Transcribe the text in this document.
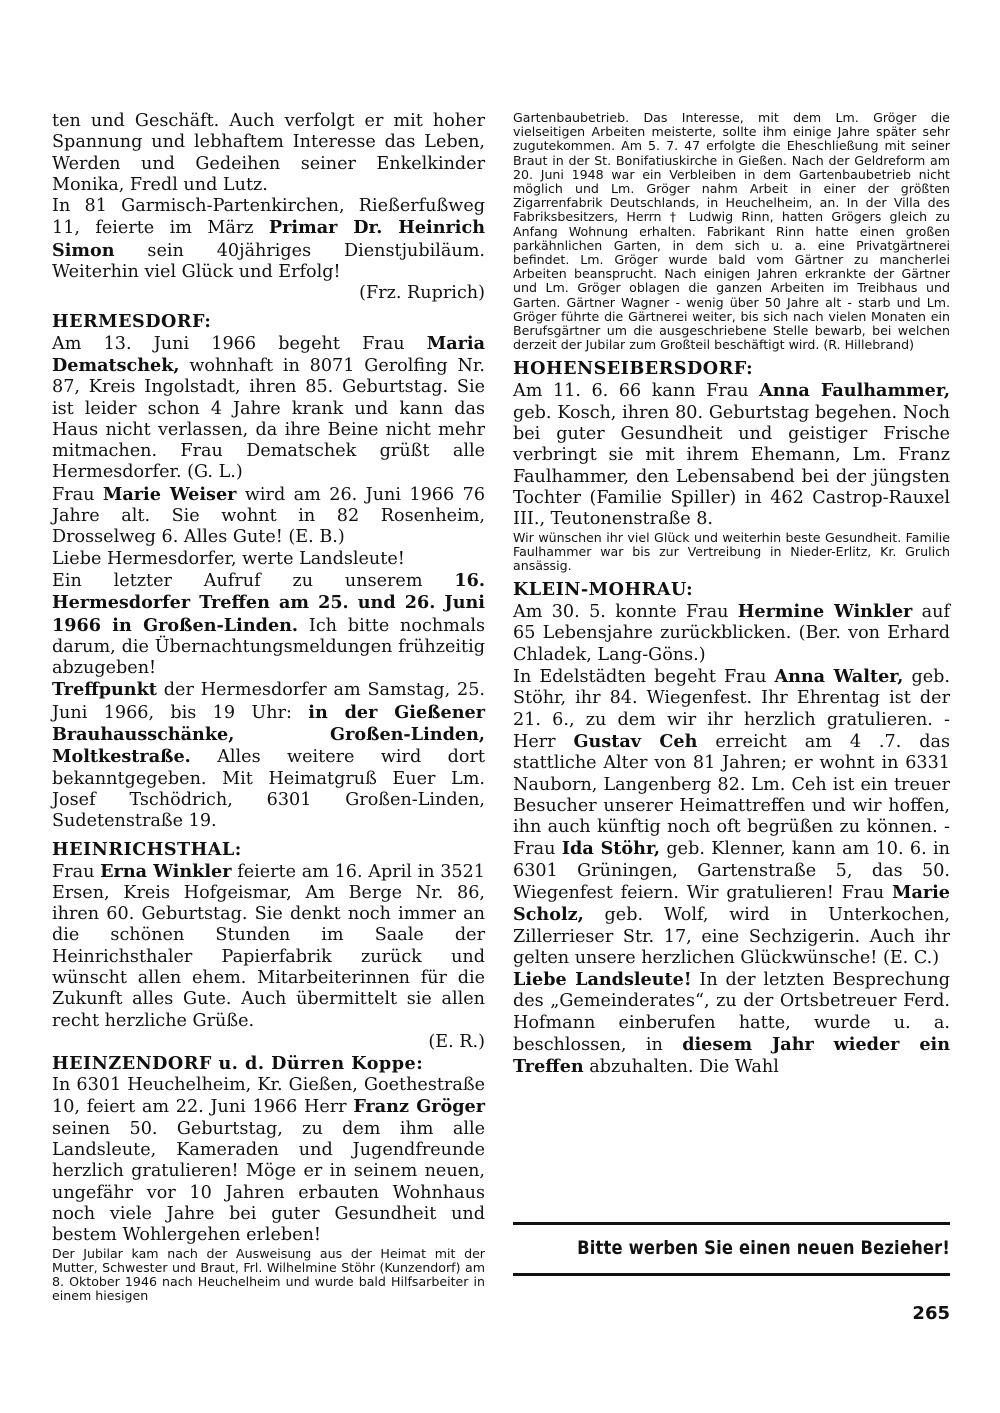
ten und Geschäft. Auch verfolgt er mit hoher Spannung und lebhaftem Interesse das Leben, Werden und Gedeihen seiner Enkelkinder Monika, Fredl und Lutz.

In 81 Garmisch-Partenkirchen, Rießerfußweg 11, feierte im März Primar Dr. Heinrich Simon sein 40jähriges Dienstjubiläum. Weiterhin viel Glück und Erfolg!

(Frz. Ruprich)

HERMESDORF:

Am 13. Juni 1966 begeht Frau Maria Dematschek, wohnhaft in 8071 Gerolfing Nr. 87, Kreis Ingolstadt, ihren 85. Geburtstag. Sie ist leider schon 4 Jahre krank und kann das Haus nicht verlassen, da ihre Beine nicht mehr mitmachen. Frau Dematschek grüßt alle Hermesdorfer. (G. L.)

Frau Marie Weiser wird am 26. Juni 1966 76 Jahre alt. Sie wohnt in 82 Rosenheim, Drosselweg 6. Alles Gute! (E. B.)

Liebe Hermesdorfer, werte Landsleute!

Ein letzter Aufruf zu unserem 16. Hermesdorfer Treffen am 25. und 26. Juni 1966 in Großen-Linden. Ich bitte nochmals darum, die Übernachtungsmeldungen frühzeitig abzugeben!

Treffpunkt der Hermesdorfer am Samstag, 25. Juni 1966, bis 19 Uhr: in der Gießener Brauhausschänke, Großen-Linden, Moltkestraße. Alles weitere wird dort bekanntgegeben. Mit Heimatgruß Euer Lm. Josef Tschödrich, 6301 Großen-Linden, Sudetenstraße 19.

HEINRICHSTHAL:

Frau Erna Winkler feierte am 16. April in 3521 Ersen, Kreis Hofgeismar, Am Berge Nr. 86, ihren 60. Geburtstag. Sie denkt noch immer an die schönen Stunden im Saale der Heinrichsthaler Papierfabrik zurück und wünscht allen ehem. Mitarbeiterinnen für die Zukunft alles Gute. Auch übermittelt sie allen recht herzliche Grüße.

(E. R.)

HEINZENDORF u. d. Dürren Koppe:

In 6301 Heuchelheim, Kr. Gießen, Goethestraße 10, feiert am 22. Juni 1966 Herr Franz Gröger seinen 50. Geburtstag, zu dem ihm alle Landsleute, Kameraden und Jugendfreunde herzlich gratulieren! Möge er in seinem neuen, ungefähr vor 10 Jahren erbauten Wohnhaus noch viele Jahre bei guter Gesundheit und bestem Wohlergehen erleben!

Der Jubilar kam nach der Ausweisung aus der Heimat mit der Mutter, Schwester und Braut, Frl. Wilhelmine Stöhr (Kunzendorf) am 8. Oktober 1946 nach Heuchelheim und wurde bald Hilfsarbeiter in einem hiesigen

Gartenbaubetrieb. Das Interesse, mit dem Lm. Gröger die vielseitigen Arbeiten meisterte, sollte ihm einige Jahre später sehr zugutekommen. Am 5. 7. 47 erfolgte die Eheschließung mit seiner Braut in der St. Bonifatiuskirche in Gießen. Nach der Geldreform am 20. Juni 1948 war ein Verbleiben in dem Gartenbaubetrieb nicht möglich und Lm. Gröger nahm Arbeit in einer der größten Zigarrenfabrik Deutschlands, in Heuchelheim, an. In der Villa des Fabriksbesitzers, Herrn † Ludwig Rinn, hatten Grögers gleich zu Anfang Wohnung erhalten. Fabrikant Rinn hatte einen großen parkähnlichen Garten, in dem sich u. a. eine Privatgärtnerei befindet. Lm. Gröger wurde bald vom Gärtner zu mancherlei Arbeiten beansprucht. Nach einigen Jahren erkrankte der Gärtner und Lm. Gröger oblagen die ganzen Arbeiten im Treibhaus und Garten. Gärtner Wagner - wenig über 50 Jahre alt - starb und Lm. Gröger führte die Gärtnerei weiter, bis sich nach vielen Monaten ein Berufsgärtner um die ausgeschriebene Stelle bewarb, bei welchen derzeit der Jubilar zum Großteil beschäftigt wird. (R. Hillebrand)

HOHENSEIBERSDORF:

Am 11. 6. 66 kann Frau Anna Faulhammer, geb. Kosch, ihren 80. Geburtstag begehen. Noch bei guter Gesundheit und geistiger Frische verbringt sie mit ihrem Ehemann, Lm. Franz Faulhammer, den Lebensabend bei der jüngsten Tochter (Familie Spiller) in 462 Castrop-Rauxel III., Teutonenstraße 8.

Wir wünschen ihr viel Glück und weiterhin beste Gesundheit. Familie Faulhammer war bis zur Vertreibung in Nieder-Erlitz, Kr. Grulich ansässig.

KLEIN-MOHRAU:

Am 30. 5. konnte Frau Hermine Winkler auf 65 Lebensjahre zurückblicken. (Ber. von Erhard Chladek, Lang-Göns.)

In Edelstädten begeht Frau Anna Walter, geb. Stöhr, ihr 84. Wiegenfest. Ihr Ehrentag ist der 21. 6., zu dem wir ihr herzlich gratulieren. - Herr Gustav Ceh erreicht am 4 .7. das stattliche Alter von 81 Jahren; er wohnt in 6331 Nauborn, Langenberg 82. Lm. Ceh ist ein treuer Besucher unserer Heimattreffen und wir hoffen, ihn auch künftig noch oft begrüßen zu können. - Frau Ida Stöhr, geb. Klenner, kann am 10. 6. in 6301 Grüningen, Gartenstraße 5, das 50. Wiegenfest feiern. Wir gratulieren! Frau Marie Scholz, geb. Wolf, wird in Unterkochen, Zillerrieser Str. 17, eine Sechzigerin. Auch ihr gelten unsere herzlichen Glückwünsche! (E. C.)

Liebe Landsleute! In der letzten Besprechung des „Gemeinderates“, zu der Ortsbetreuer Ferd. Hofmann einberufen hatte, wurde u. a. beschlossen, in diesem Jahr wieder ein Treffen abzuhalten. Die Wahl

Bitte werben Sie einen neuen Bezieher!
265
